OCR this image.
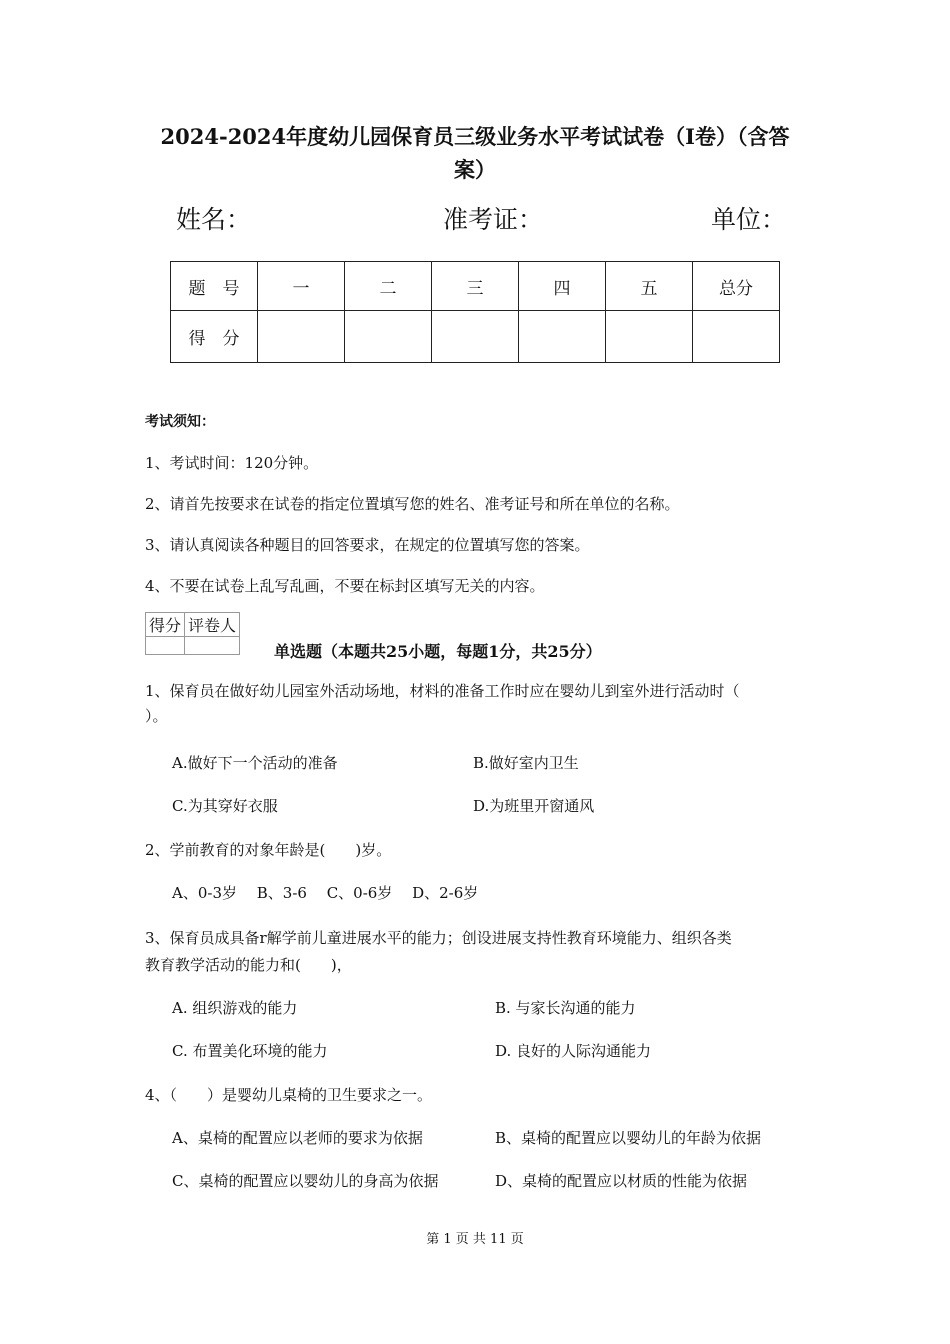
2024-2024年度幼儿园保育员三级业务水平考试试卷（Ⅰ卷）（含答
案）
姓名：	准考证：	单位：
题　号	一	二	三	四	五	总分
得　分						
考试须知：
1、考试时间：120分钟。
2、请首先按要求在试卷的指定位置填写您的姓名、准考证号和所在单位的名称。
3、请认真阅读各种题目的回答要求，在规定的位置填写您的答案。
4、不要在试卷上乱写乱画，不要在标封区填写无关的内容。
得分	评卷人

单选题（本题共25小题，每题1分，共25分）
1、保育员在做好幼儿园室外活动场地，材料的准备工作时应在婴幼儿到室外进行活动时（
）。
A.做好下一个活动的准备	B.做好室内卫生
C.为其穿好衣服	D.为班里开窗通风
2、学前教育的对象年龄是(　　)岁。
A、0-3岁　 B、3-6　 C、0-6岁　 D、2-6岁
3、保育员成具备r解学前儿童进展水平的能力；创设进展支持性教育环境能力、组织各类
教育教学活动的能力和(　　)，
A. 组织游戏的能力	B. 与家长沟通的能力
C. 布置美化环境的能力	D. 良好的人际沟通能力
4、（　　）是婴幼儿桌椅的卫生要求之一。
A、桌椅的配置应以老师的要求为依据	B、桌椅的配置应以婴幼儿的年龄为依据
C、桌椅的配置应以婴幼儿的身高为依据	D、桌椅的配置应以材质的性能为依据
第 1 页 共 11 页
